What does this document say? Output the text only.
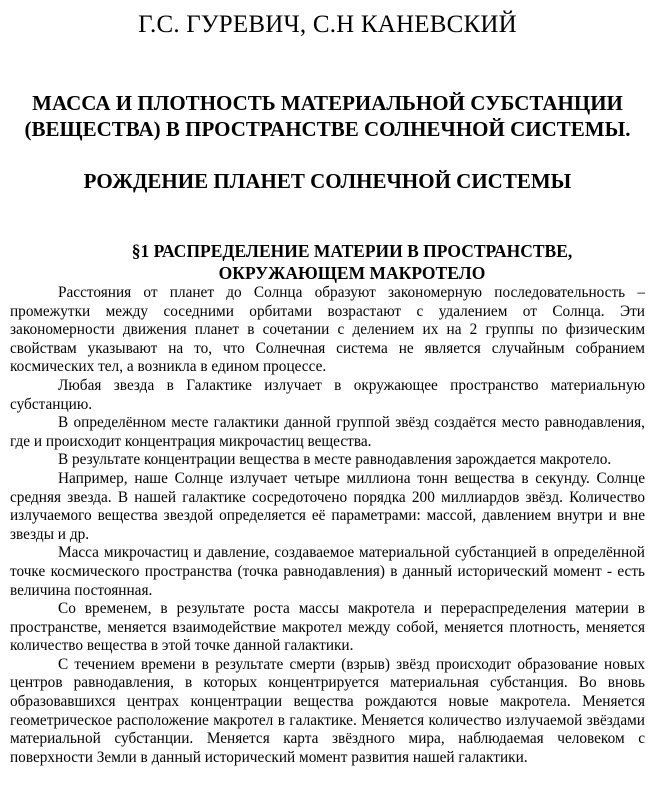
Г.С. ГУРЕВИЧ, С.Н КАНЕВСКИЙ
МАССА И ПЛОТНОСТЬ МАТЕРИАЛЬНОЙ СУБСТАНЦИИ
(ВЕЩЕСТВА) В ПРОСТРАНСТВЕ СОЛНЕЧНОЙ СИСТЕМЫ.
РОЖДЕНИЕ ПЛАНЕТ СОЛНЕЧНОЙ СИСТЕМЫ
§1 РАСПРЕДЕЛЕНИЕ МАТЕРИИ В ПРОСТРАНСТВЕ,
ОКРУЖАЮЩЕМ МАКРОТЕЛО

Расстояния от планет до Солнца образуют закономерную последовательность – промежутки между соседними орбитами возрастают с удалением от Солнца. Эти закономерности движения планет в сочетании с делением их на 2 группы по физическим свойствам указывают на то, что Солнечная система не является случайным собранием космических тел, а возникла в едином процессе.

Любая звезда в Галактике излучает в окружающее пространство материальную субстанцию.

В определённом месте галактики данной группой звёзд создаётся место равнодавления, где и происходит концентрация микрочастиц вещества.

В результате концентрации вещества в месте равнодавления зарождается макротело.

Например, наше Солнце излучает четыре миллиона тонн вещества в секунду. Солнце средняя звезда. В нашей галактике сосредоточено порядка 200 миллиардов звёзд. Количество излучаемого вещества звездой определяется её параметрами: массой, давлением внутри и вне звезды и др.

Масса микрочастиц и давление, создаваемое материальной субстанцией в определённой точке космического пространства (точка равнодавления) в данный исторический момент - есть величина постоянная.

Со временем, в результате роста массы макротела и перераспределения материи в пространстве, меняется взаимодействие макротел между собой, меняется плотность, меняется количество вещества в этой точке данной галактики.

С течением времени в результате смерти (взрыв) звёзд происходит образование новых центров равнодавления, в которых концентрируется материальная субстанция. Во вновь образовавшихся центрах концентрации вещества рождаются новые макротела. Меняется геометрическое расположение макротел в галактике. Меняется количество излучаемой звёздами материальной субстанции. Меняется карта звёздного мира, наблюдаемая человеком с поверхности Земли в данный исторический момент развития нашей галактики.
